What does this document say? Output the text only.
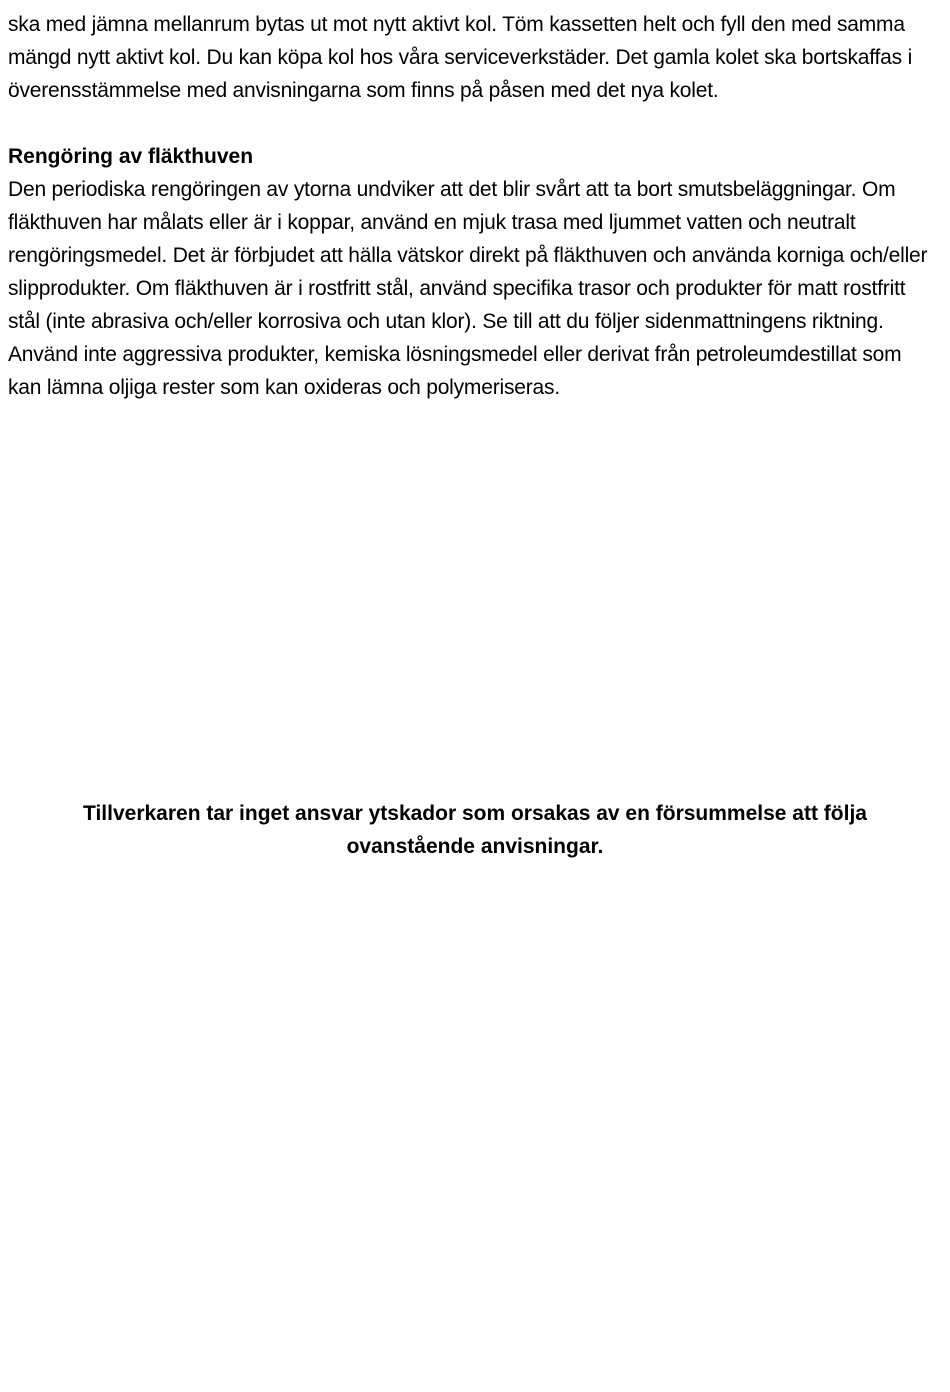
ska med jämna mellanrum bytas ut mot nytt aktivt kol. Töm kassetten helt och fyll den med samma mängd nytt aktivt kol. Du kan köpa kol hos våra serviceverkstäder. Det gamla kolet ska bortskaffas i överensstämmelse med anvisningarna som finns på påsen med det nya kolet.

Rengöring av fläkthuven

Den periodiska rengöringen av ytorna undviker att det blir svårt att ta bort smutsbeläggningar. Om fläkthuven har målats eller är i koppar, använd en mjuk trasa med ljummet vatten och neutralt rengöringsmedel. Det är förbjudet att hälla vätskor direkt på fläkthuven och använda korniga och/eller slipprodukter. Om fläkthuven är i rostfritt stål, använd specifika trasor och produkter för matt rostfritt stål (inte abrasiva och/eller korrosiva och utan klor). Se till att du följer sidenmattningens riktning. Använd inte aggressiva produkter, kemiska lösningsmedel eller derivat från petroleumdestillat som kan lämna oljiga rester som kan oxideras och polymeriseras.

Tillverkaren tar inget ansvar ytskador som orsakas av en försummelse att följa ovanstående anvisningar.
